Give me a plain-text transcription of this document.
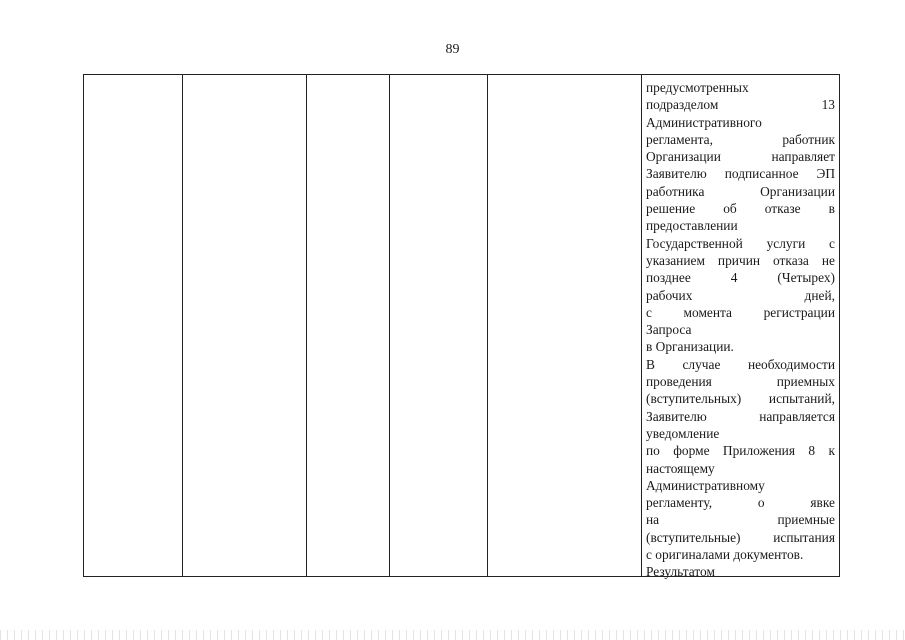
89
предусмотренных
подразделом 13
Административного
регламента, работник
Организации направляет
Заявителю подписанное ЭП
работника Организации
решение об отказе в
предоставлении
Государственной услуги с
указанием причин отказа не
позднее 4 (Четырех)
рабочих дней,
с момента регистрации
Запроса
в Организации.
В случае необходимости
проведения приемных
(вступительных) испытаний,
Заявителю направляется
уведомление
по форме Приложения 8 к
настоящему
Административному
регламенту, о явке
на приемные
(вступительные) испытания
с оригиналами документов.
Результатом
